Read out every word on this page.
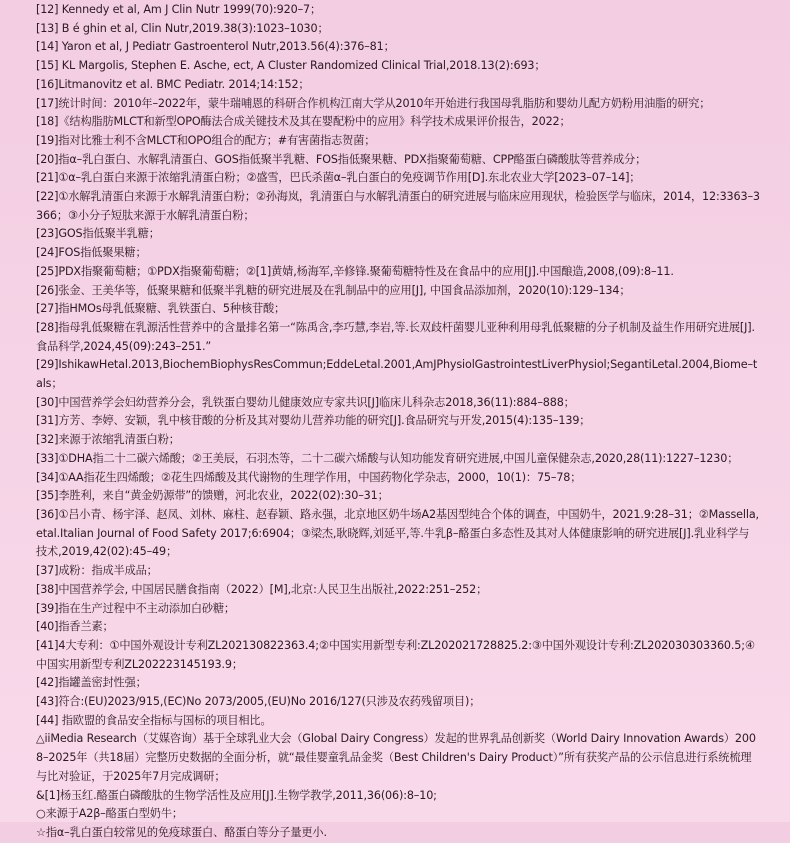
[12] Kennedy et al, Am J Clin Nutr 1999(70):920–7；
[13] B é ghin et al, Clin Nutr,2019.38(3):1023–1030；
[14] Yaron et al, J Pediatr Gastroenterol Nutr,2013.56(4):376–81；
[15] KL Margolis, Stephen E. Asche, ect, A Cluster Randomized Clinical Trial,2018.13(2):693；
[16]Litmanovitz et al. BMC Pediatr. 2014;14:152；
[17]统计时间：2010年–2022年，蒙牛瑞哺恩的科研合作机构江南大学从2010年开始进行我国母乳脂肪和婴幼儿配方奶粉用油脂的研究；
[18]《结构脂肪MLCT和新型OPO酶法合成关键技术及其在婴配粉中的应用》科学技术成果评价报告，2022；
[19]指对比雅士利不含MLCT和OPO组合的配方；#有害菌指志贺菌；
[20]指α–乳白蛋白、水解乳清蛋白、GOS指低聚半乳糖、FOS指低聚果糖、PDX指聚葡萄糖、CPP酪蛋白磷酸肽等营养成分；
[21]①α–乳白蛋白来源于浓缩乳清蛋白粉；②盛雪，巴氏杀菌α–乳白蛋白的免疫调节作用[D].东北农业大学[2023–07–14]；
[22]①水解乳清蛋白来源于水解乳清蛋白粉；②孙海岚，乳清蛋白与水解乳清蛋白的研究进展与临床应用现状，检验医学与临床，2014，12:3363–3366；③小分子短肽来源于水解乳清蛋白粉；
[23]GOS指低聚半乳糖；
[24]FOS指低聚果糖；
[25]PDX指聚葡萄糖；①PDX指聚葡萄糖；②[1]黄婧,杨海军,辛修锋.聚葡萄糖特性及在食品中的应用[J].中国酿造,2008,(09):8–11.
[26]张金、王美华等，低聚果糖和低聚半乳糖的研究进展及在乳制品中的应用[J], 中国食品添加剂，2020(10):129–134；
[27]指HMOs母乳低聚糖、乳铁蛋白、5种核苷酸；
[28]指母乳低聚糖在乳源活性营养中的含量排名第一“陈禹含,李巧慧,李岩,等.长双歧杆菌婴儿亚种利用母乳低聚糖的分子机制及益生作用研究进展[J].食品科学,2024,45(09):243–251.”
[29]IshikawHetal.2013,BiochemBiophysResCommun;EddeLetal.2001,AmJPhysiolGastrointestLiverPhysiol;SegantiLetal.2004,Biome–tals；
[30]中国营养学会妇幼营养分会，乳铁蛋白婴幼儿健康效应专家共识[J]临床儿科杂志2018,36(11):884–888；
[31]方芳、李婷、安颖，乳中核苷酸的分析及其对婴幼儿营养功能的研究[J].食品研究与开发,2015(4):135–139；
[32]来源于浓缩乳清蛋白粉；
[33]①DHA指二十二碳六烯酸；②王美辰，石羽杰等，二十二碳六烯酸与认知功能发育研究进展,中国儿童保健杂志,2020,28(11):1227–1230；
[34]①AA指花生四烯酸；②花生四烯酸及其代谢物的生理学作用，中国药物化学杂志，2000，10(1)：75–78；
[35]李胜利，来自“黄金奶源带”的馈赠，河北农业，2022(02):30–31；
[36]①吕小青、杨宇泽、赵凤、刘林、麻柱、赵春颖、路永强，北京地区奶牛场A2基因型纯合个体的调查，中国奶牛，2021.9:28–31；②Massella,etal.Italian Journal of Food Safety 2017;6:6904；③梁杰,耿晓辉,刘延平,等.牛乳β–酪蛋白多态性及其对人体健康影响的研究进展[J].乳业科学与技术,2019,42(02):45–49；
[37]成粉：指成半成品；
[38]中国营养学会, 中国居民膳食指南（2022）[M],北京:人民卫生出版社,2022:251–252；
[39]指在生产过程中不主动添加白砂糖；
[40]指香兰素；
[41]4大专利：①中国外观设计专利ZL202130822363.4;②中国实用新型专利:ZL202021728825.2:③中国外观设计专利:ZL202030303360.5;④中国实用新型专利ZL202223145193.9；
[42]指罐盖密封性强；
[43]符合:(EU)2023/915,(EC)No 2073/2005,(EU)No 2016/127(只涉及农药残留项目)；
[44] 指欧盟的食品安全指标与国标的项目相比。
△iiMedia Research（艾媒咨询）基于全球乳业大会（Global Dairy Congress）发起的世界乳品创新奖（World Dairy Innovation Awards）2008–2025年（共18届）完整历史数据的全面分析，就“最佳婴童乳品金奖（Best Children's Dairy Product）”所有获奖产品的公示信息进行系统梳理与比对验证，于2025年7月完成调研；
&[1]杨玉红.酪蛋白磷酸肽的生物学活性及应用[J].生物学教学,2011,36(06):8–10;
○来源于A2β–酪蛋白型奶牛；
☆指α–乳白蛋白较常见的免疫球蛋白、酪蛋白等分子量更小.
